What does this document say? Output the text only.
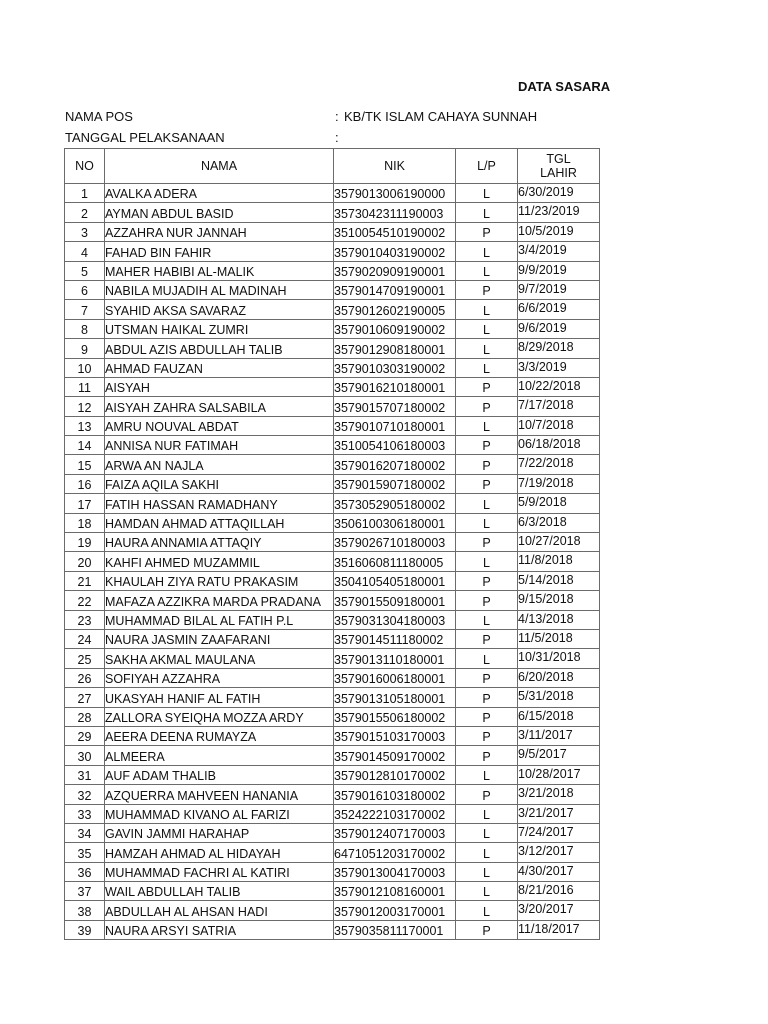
DATA SASARA
NAMA POS	: KB/TK ISLAM CAHAYA SUNNAH
TANGGAL PELAKSANAAN	:
NO	NAMA	NIK	L/P	TGL
LAHIR
1	AVALKA ADERA	3579013006190000	L	6/30/2019
2	AYMAN ABDUL BASID	3573042311190003	L	11/23/2019
3	AZZAHRA NUR JANNAH	3510054510190002	P	10/5/2019
4	FAHAD BIN FAHIR	3579010403190002	L	3/4/2019
5	MAHER HABIBI AL-MALIK	3579020909190001	L	9/9/2019
6	NABILA MUJADIH AL MADINAH	3579014709190001	P	9/7/2019
7	SYAHID AKSA SAVARAZ	3579012602190005	L	6/6/2019
8	UTSMAN HAIKAL ZUMRI	3579010609190002	L	9/6/2019
9	ABDUL AZIS ABDULLAH TALIB	3579012908180001	L	8/29/2018
10	AHMAD FAUZAN	3579010303190002	L	3/3/2019
11	AISYAH	3579016210180001	P	10/22/2018
12	AISYAH ZAHRA SALSABILA	3579015707180002	P	7/17/2018
13	AMRU NOUVAL ABDAT	3579010710180001	L	10/7/2018
14	ANNISA NUR FATIMAH	3510054106180003	P	06/18/2018
15	ARWA AN NAJLA	3579016207180002	P	7/22/2018
16	FAIZA AQILA SAKHI	3579015907180002	P	7/19/2018
17	FATIH HASSAN RAMADHANY	3573052905180002	L	5/9/2018
18	HAMDAN AHMAD ATTAQILLAH	3506100306180001	L	6/3/2018
19	HAURA ANNAMIA ATTAQIY	3579026710180003	P	10/27/2018
20	KAHFI AHMED MUZAMMIL	3516060811180005	L	11/8/2018
21	KHAULAH ZIYA RATU PRAKASIM	3504105405180001	P	5/14/2018
22	MAFAZA AZZIKRA MARDA PRADANA	3579015509180001	P	9/15/2018
23	MUHAMMAD BILAL AL FATIH P.L	3579031304180003	L	4/13/2018
24	NAURA JASMIN ZAAFARANI	3579014511180002	P	11/5/2018
25	SAKHA AKMAL MAULANA	3579013110180001	L	10/31/2018
26	SOFIYAH AZZAHRA	3579016006180001	P	6/20/2018
27	UKASYAH HANIF AL FATIH	3579013105180001	P	5/31/2018
28	ZALLORA SYEIQHA MOZZA ARDY	3579015506180002	P	6/15/2018
29	AEERA DEENA RUMAYZA	3579015103170003	P	3/11/2017
30	ALMEERA	3579014509170002	P	9/5/2017
31	AUF ADAM THALIB	3579012810170002	L	10/28/2017
32	AZQUERRA MAHVEEN HANANIA	3579016103180002	P	3/21/2018
33	MUHAMMAD KIVANO AL FARIZI	3524222103170002	L	3/21/2017
34	GAVIN JAMMI HARAHAP	3579012407170003	L	7/24/2017
35	HAMZAH AHMAD AL HIDAYAH	6471051203170002	L	3/12/2017
36	MUHAMMAD FACHRI AL KATIRI	3579013004170003	L	4/30/2017
37	WAIL ABDULLAH TALIB	3579012108160001	L	8/21/2016
38	ABDULLAH AL AHSAN HADI	3579012003170001	L	3/20/2017
39	NAURA ARSYI SATRIA	3579035811170001	P	11/18/2017
